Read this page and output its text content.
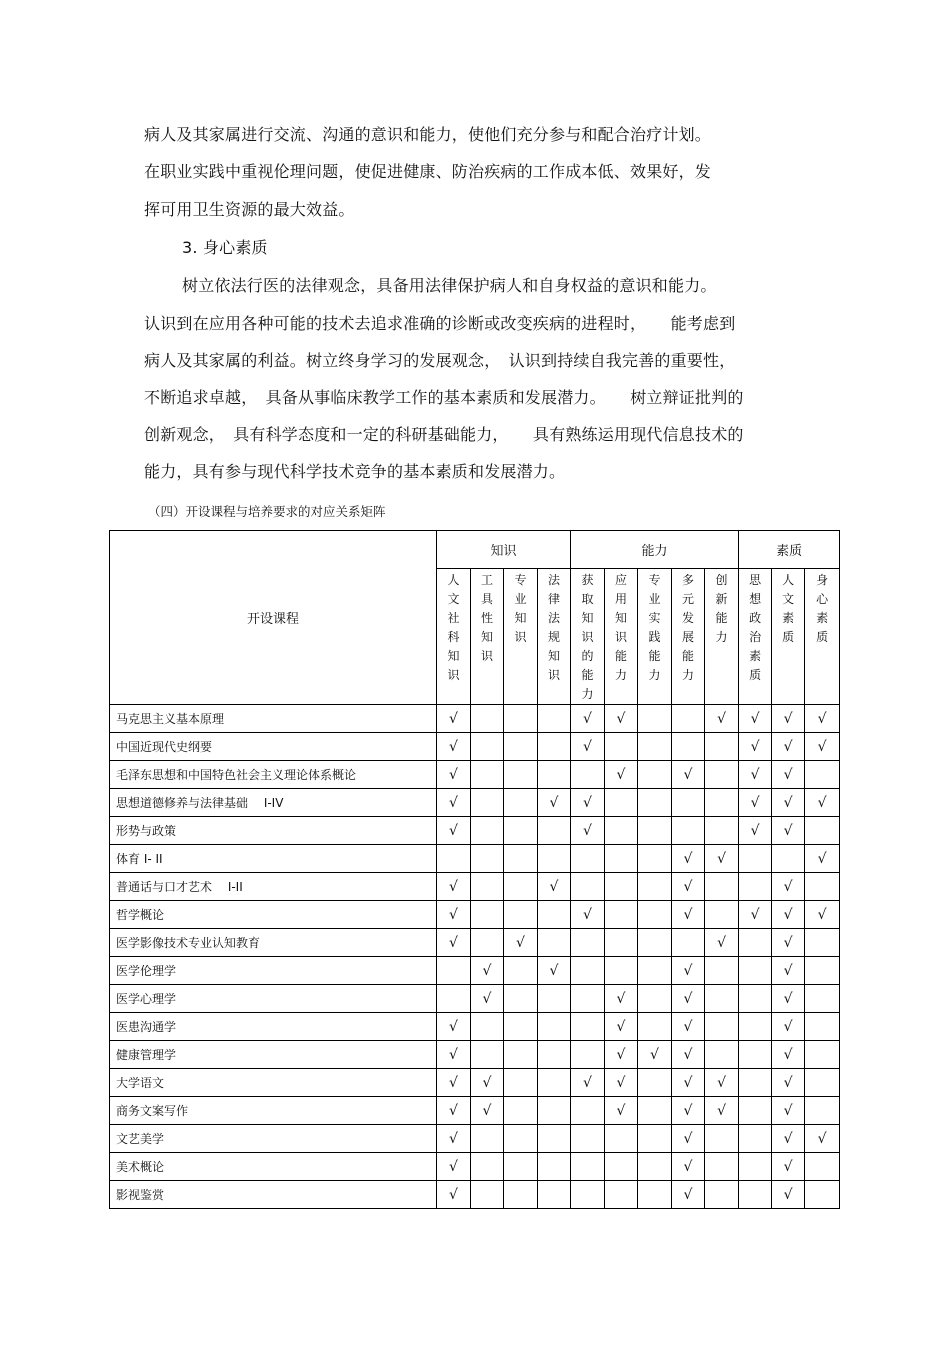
病人及其家属进行交流、沟通的意识和能力，使他们充分参与和配合治疗计划。
在职业实践中重视伦理问题，使促进健康、防治疾病的工作成本低、效果好，发
挥可用卫生资源的最大效益。
3. 身心素质
树立依法行医的法律观念，具备用法律保护病人和自身权益的意识和能力。
认识到在应用各种可能的技术去追求准确的诊断或改变疾病的进程时，　　能考虑到
病人及其家属的利益。树立终身学习的发展观念，　认识到持续自我完善的重要性，
不断追求卓越，　具备从事临床教学工作的基本素质和发展潜力。　　树立辩证批判的
创新观念，　具有科学态度和一定的科研基础能力，　　具有熟练运用现代信息技术的
能力，具有参与现代科学技术竞争的基本素质和发展潜力。
（四）开设课程与培养要求的对应关系矩阵
开设课程	知识				能力					素质		
	人文社科知识	工具性知识	专业知识	法律法规知识	获取知识的能力	应用知识能力	专业实践能力	多元发展能力	创新能力	思想政治素质	人文素质	身心素质
马克思主义基本原理	√				√	√			√	√	√	√
中国近现代史纲要	√				√					√	√	√
毛泽东思想和中国特色社会主义理论体系概论	√					√		√		√	√	
思想道德修养与法律基础　 I-IV	√			√	√					√	√	√
形势与政策	√				√					√	√	
体育 I- II								√	√			√
普通话与口才艺术　 I-II	√			√				√			√	
哲学概论	√				√			√		√	√	√
医学影像技术专业认知教育	√		√						√		√	
医学伦理学		√		√				√			√	
医学心理学		√				√		√			√	
医患沟通学	√					√		√			√	
健康管理学	√					√	√	√			√	
大学语文	√	√			√	√		√	√		√	
商务文案写作	√	√				√		√	√		√	
文艺美学	√							√			√	√
美术概论	√							√			√	
影视鉴赏	√							√			√	
